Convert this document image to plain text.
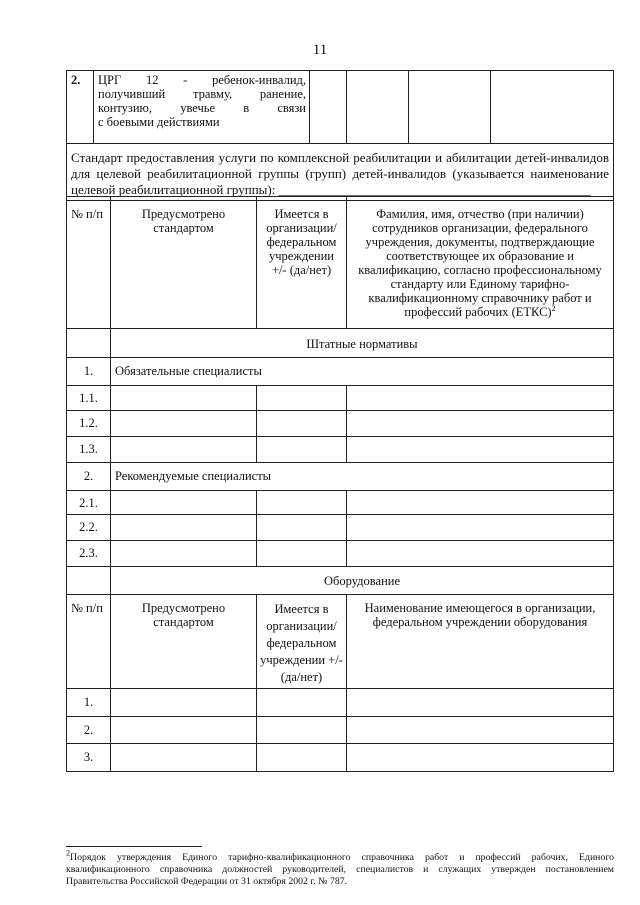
11
2.	ЦРГ 12 - ребенок-инвалид,
получивший травму, ранение,
контузию, увечье в связи
с боевыми действиями

Стандарт предоставления услуги по комплексной реабилитации и абилитации детей-инвалидов для целевой реабилитационной группы (групп) детей-инвалидов (указывается наименование целевой реабилитационной группы): ________________________________________________
№ п/п	Предусмотрено стандартом	Имеется в организации/ федеральном учреждении +/- (да/нет)	Фамилия, имя, отчество (при наличии) сотрудников организации, федерального учреждения, документы, подтверждающие соответствующее их образование и квалификацию, согласно профессиональному стандарту или Единому тарифно-квалификационному справочнику работ и профессий рабочих (ЕТКС)$^2$
	Штатные нормативы		
1.	Обязательные специалисты		
1.1.			
1.2.			
1.3.			
2.	Рекомендуемые специалисты		
2.1.			
2.2.			
2.3.			
	Оборудование		
№ п/п	Предусмотрено стандартом	Имеется в организации/ федеральном учреждении +/- (да/нет)	Наименование имеющегося в организации, федеральном учреждении оборудования
1.			
2.			
3.			
$^2$Порядок утверждения Единого тарифно-квалификационного справочника работ и профессий рабочих, Единого квалификационного справочника должностей руководителей, специалистов и служащих утвержден постановлением Правительства Российской Федерации от 31 октября 2002 г. № 787.
